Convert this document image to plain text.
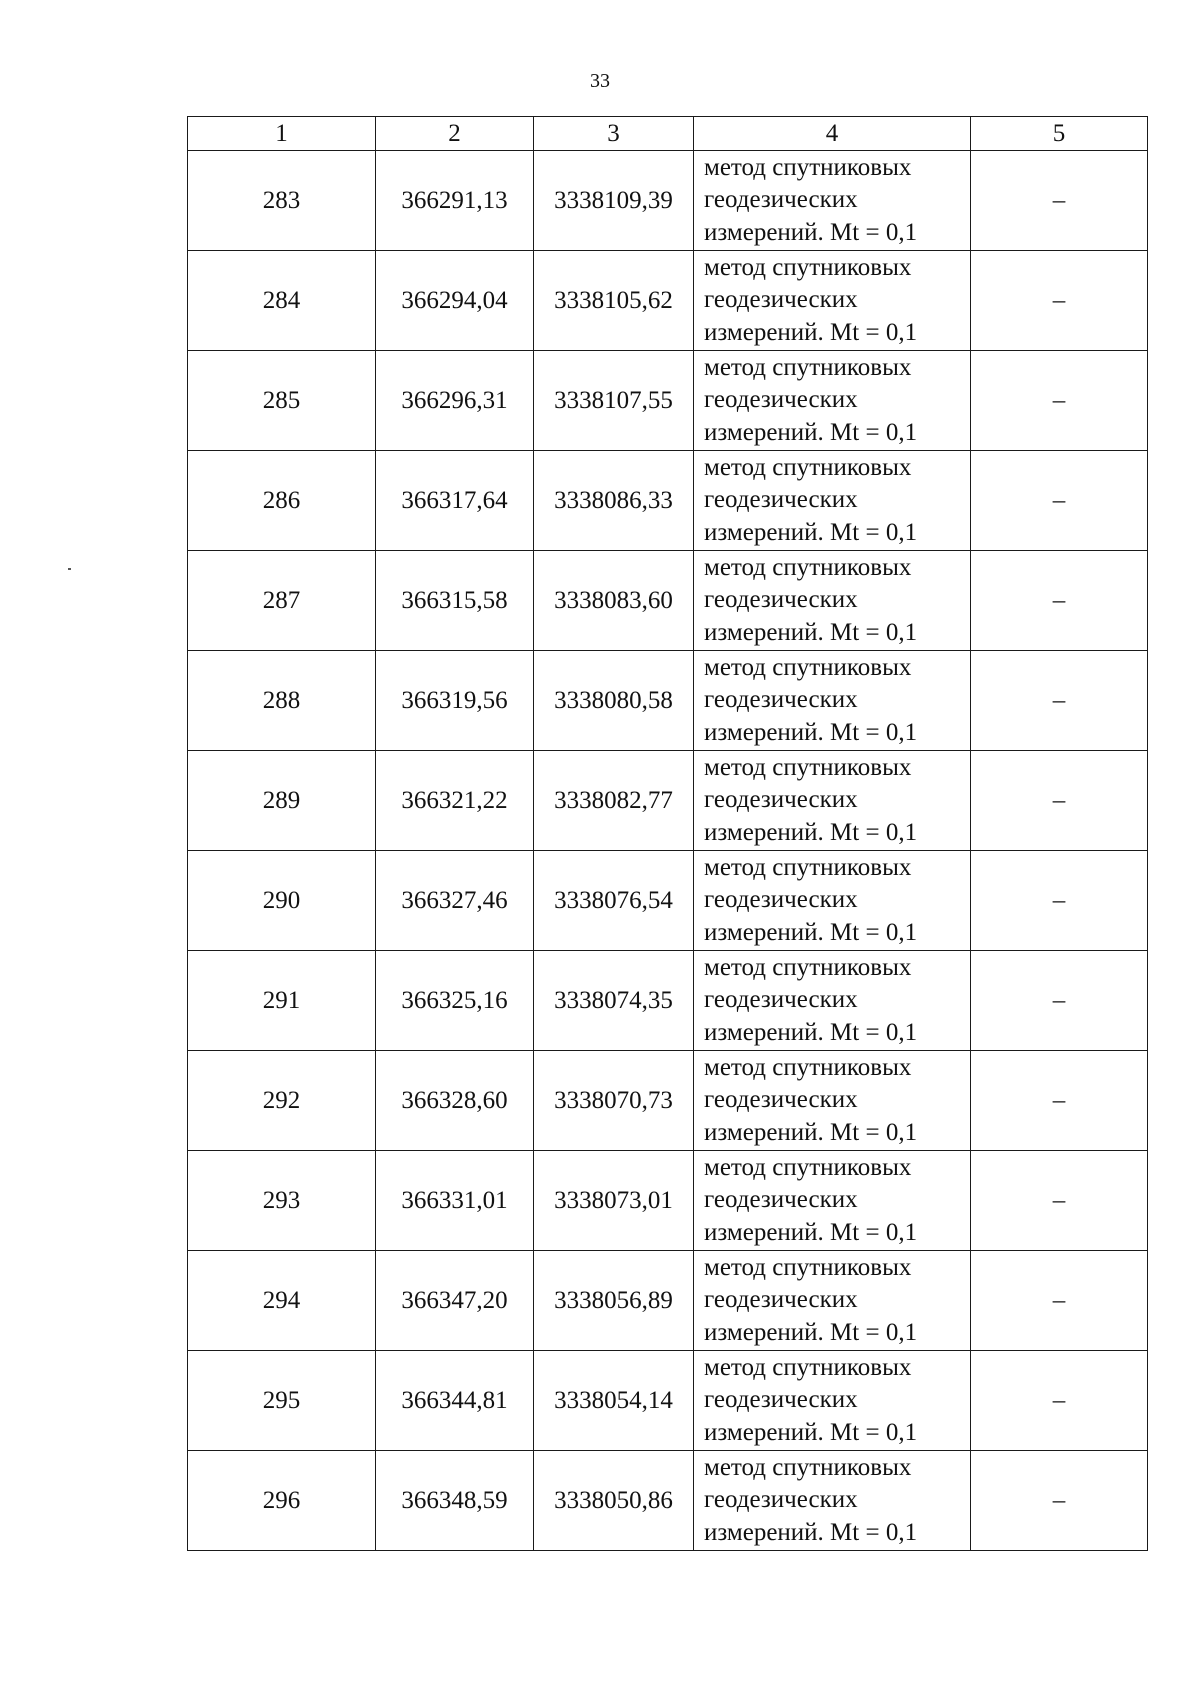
33
1	2	3	4	5
283	366291,13	3338109,39	метод спутниковых
геодезических
измерений. Mt = 0,1	–
284	366294,04	3338105,62	метод спутниковых
геодезических
измерений. Mt = 0,1	–
285	366296,31	3338107,55	метод спутниковых
геодезических
измерений. Mt = 0,1	–
286	366317,64	3338086,33	метод спутниковых
геодезических
измерений. Mt = 0,1	–
287	366315,58	3338083,60	метод спутниковых
геодезических
измерений. Mt = 0,1	–
288	366319,56	3338080,58	метод спутниковых
геодезических
измерений. Mt = 0,1	–
289	366321,22	3338082,77	метод спутниковых
геодезических
измерений. Mt = 0,1	–
290	366327,46	3338076,54	метод спутниковых
геодезических
измерений. Mt = 0,1	–
291	366325,16	3338074,35	метод спутниковых
геодезических
измерений. Mt = 0,1	–
292	366328,60	3338070,73	метод спутниковых
геодезических
измерений. Mt = 0,1	–
293	366331,01	3338073,01	метод спутниковых
геодезических
измерений. Mt = 0,1	–
294	366347,20	3338056,89	метод спутниковых
геодезических
измерений. Mt = 0,1	–
295	366344,81	3338054,14	метод спутниковых
геодезических
измерений. Mt = 0,1	–
296	366348,59	3338050,86	метод спутниковых
геодезических
измерений. Mt = 0,1	–
